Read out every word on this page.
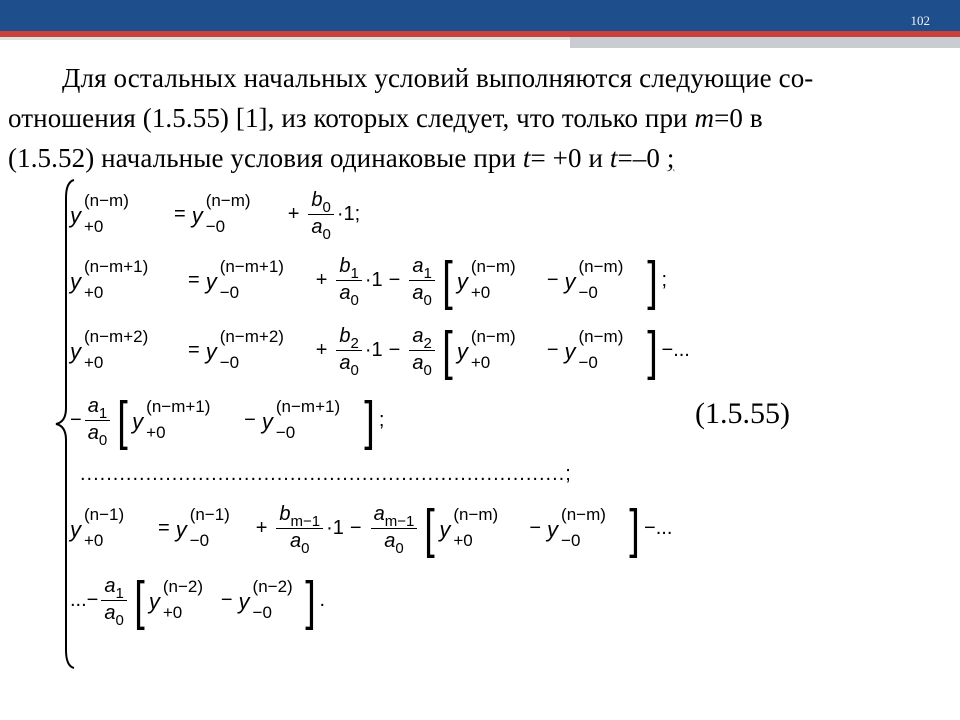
102
Для остальных начальных условий выполняются следующие со-
отношения (1.5.55) [1], из которых следует, что только при m=0 в
(1.5.52) начальные условия одинаковые при t= +0 и t=–0 ;
y
(n−m)
+0
= y
(n−m)
−0
+ $\frac{b_0}{a_0} \cdot 1$;
y
(n−m+1)
+0
= y
(n−m+1)
−0
+ $\frac{b_1}{a_0} \cdot 1 - \frac{a_1}{a_0}$ [ y
(n−m)
+0
− y
(n−m)
−0 ] ;
y
(n−m+2)
+0
= y
(n−m+2)
−0
+ $\frac{b_2}{a_0} \cdot 1 - \frac{a_2}{a_0}$ [ y
(n−m)
+0
− y
(n−m)
−0 ] −...
− $\frac{a_1}{a_0}$ [ y
(n−m+1)
+0
− y
(n−m+1)
−0 ] ;
..........................................................................;
y
(n−1)
+0
= y
(n−1)
−0
+ $\frac{b_{m-1}}{a_0} \cdot 1 - \frac{a_{m-1}}{a_0}$ [ y
(n−m)
+0
− y
(n−m)
−0 ] −...
...− $\frac{a_1}{a_0}$ [ y
(n−2)
+0
− y
(n−2)
−0 ] .
(1.5.55)
